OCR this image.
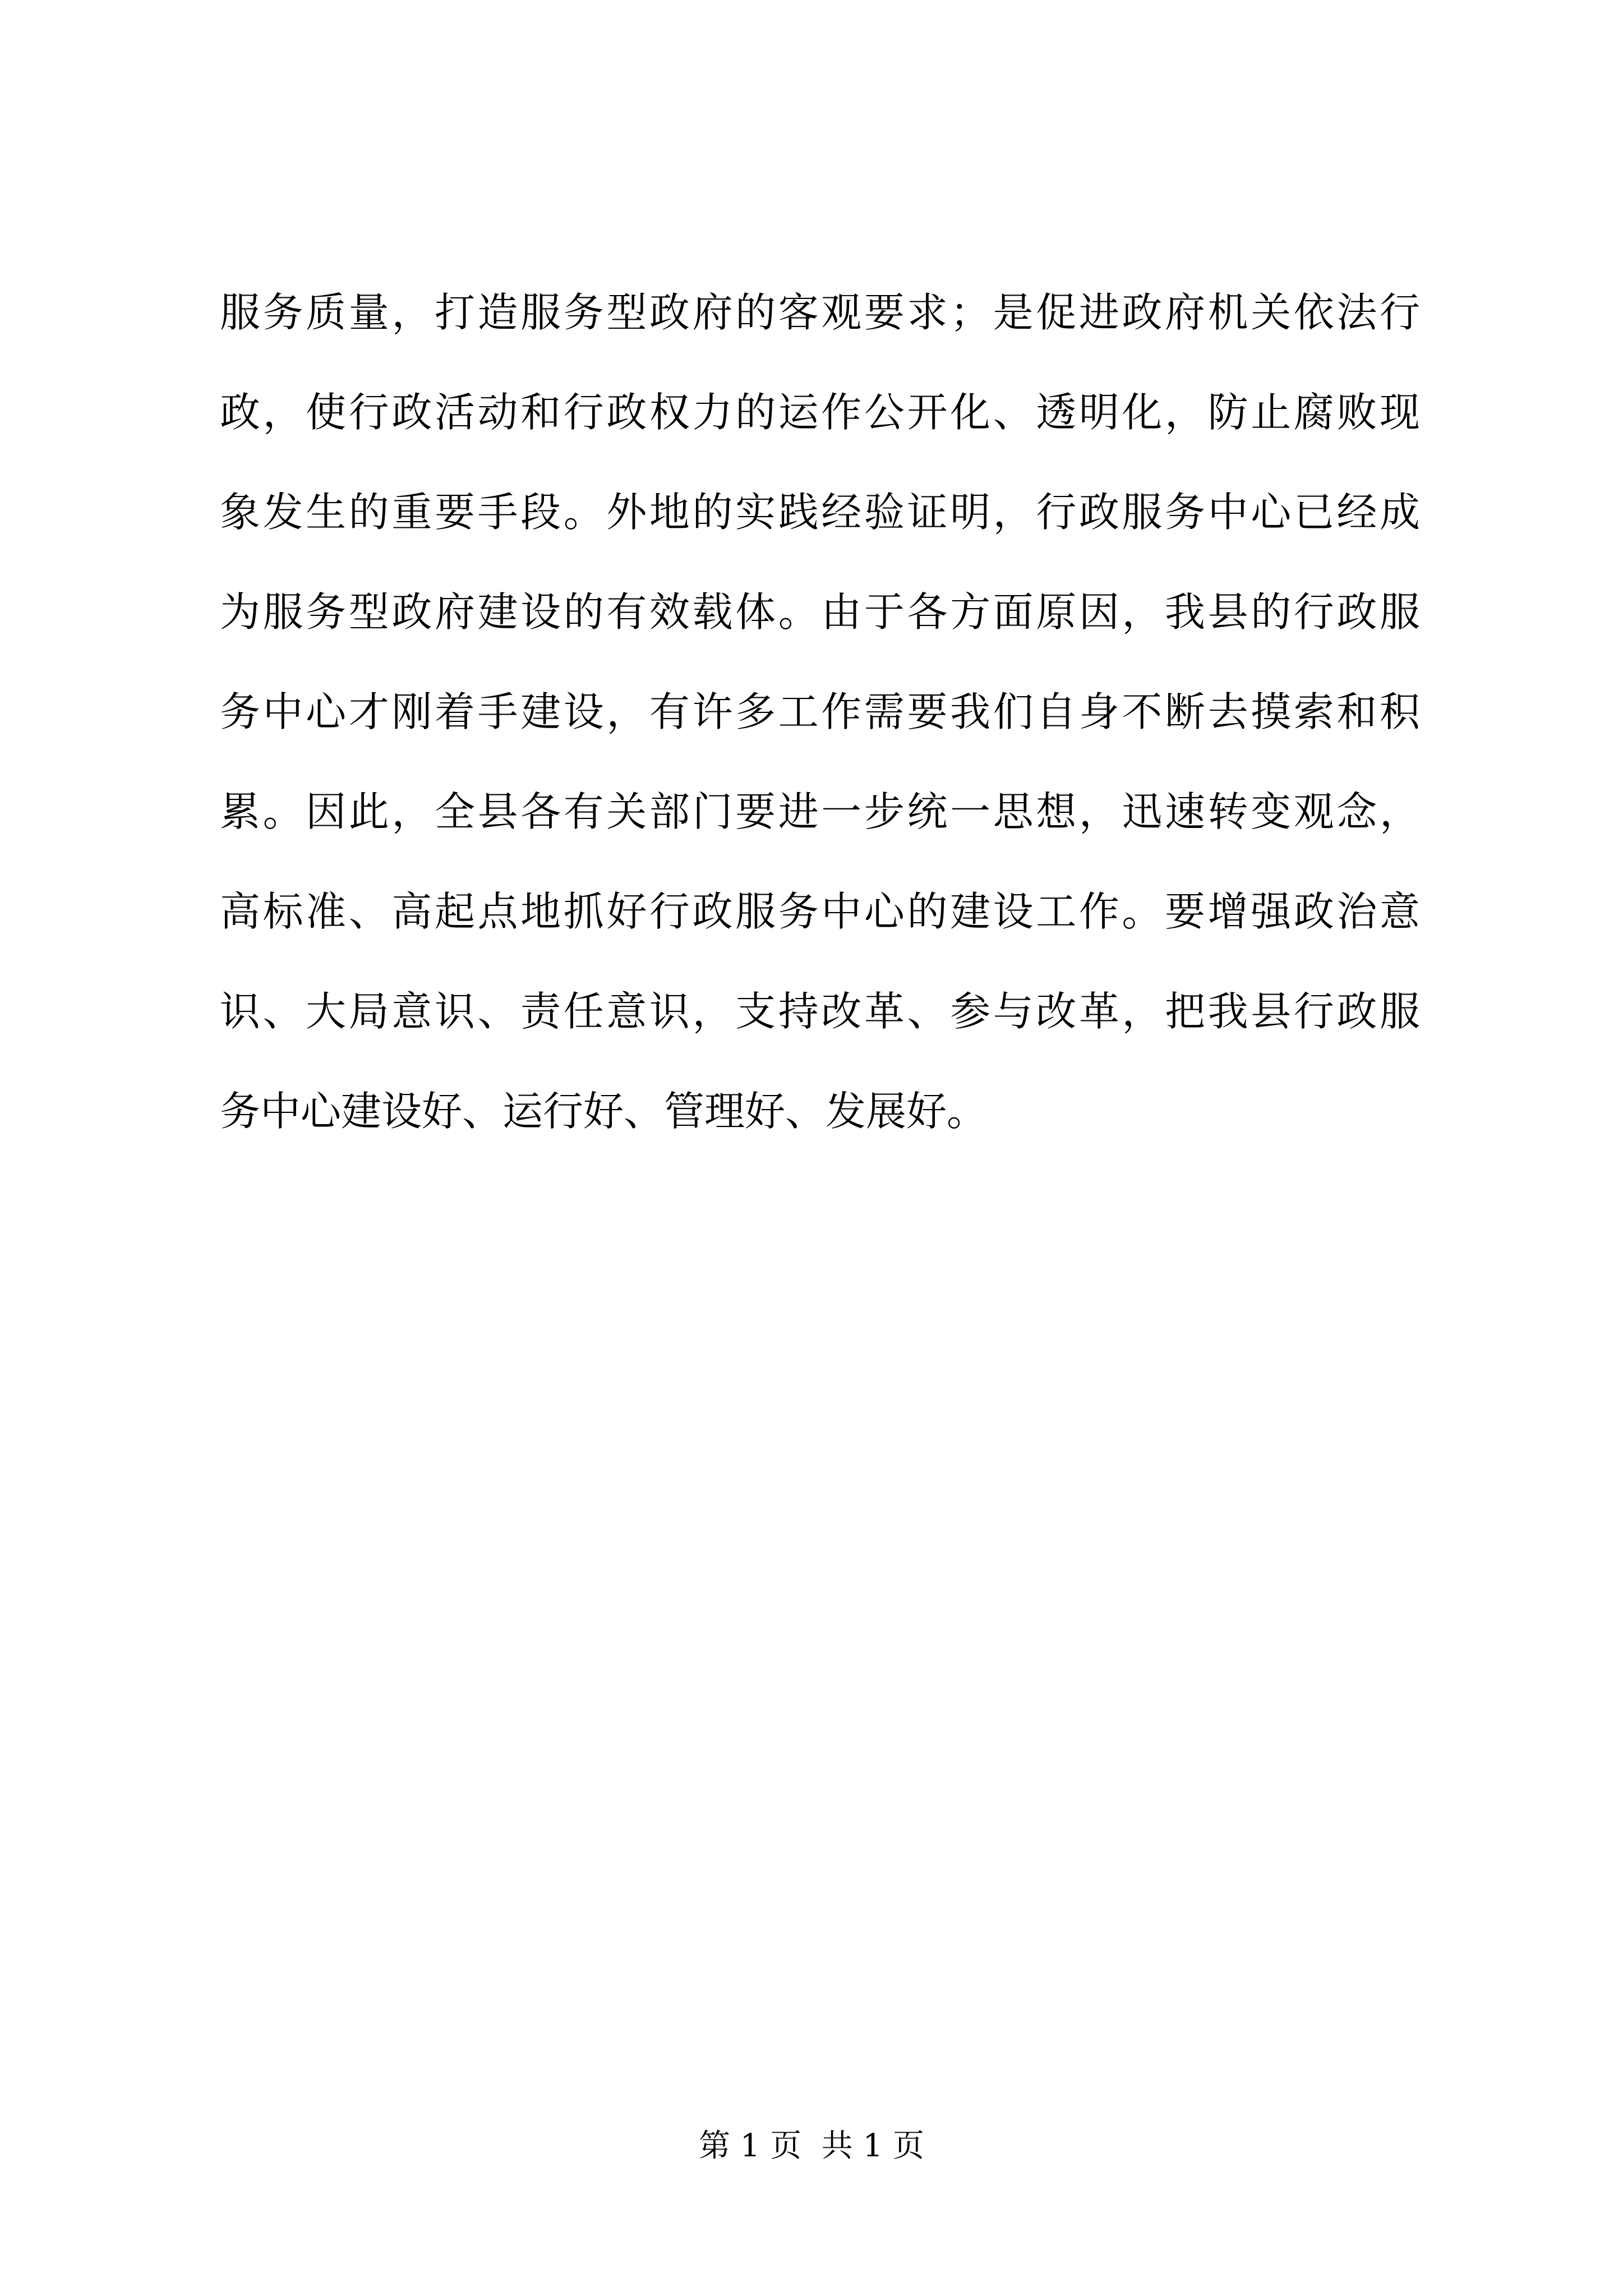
服务质量，打造服务型政府的客观要求；是促进政府机关依法行
政，使行政活动和行政权力的运作公开化、透明化，防止腐败现
象发生的重要手段。外地的实践经验证明，行政服务中心已经成
为服务型政府建设的有效载体。由于各方面原因，我县的行政服
务中心才刚着手建设，有许多工作需要我们自身不断去摸索和积
累。因此，全县各有关部门要进一步统一思想，迅速转变观念，
高标准、高起点地抓好行政服务中心的建设工作。要增强政治意
识、大局意识、责任意识，支持改革、参与改革，把我县行政服
务中心建设好、运行好、管理好、发展好。
第 1 页  共 1 页
